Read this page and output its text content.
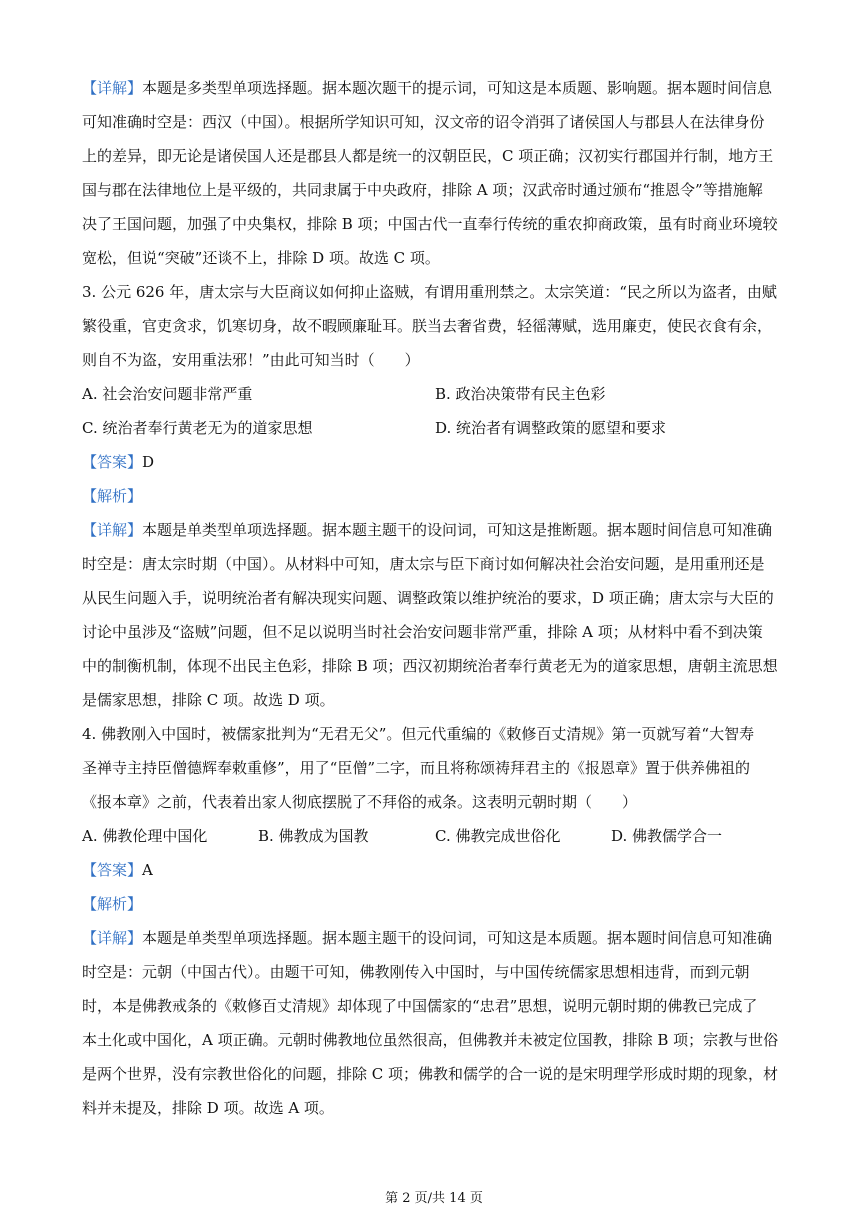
【详解】本题是多类型单项选择题。据本题次题干的提示词，可知这是本质题、影响题。据本题时间信息
可知准确时空是：西汉（中国）。根据所学知识可知，汉文帝的诏令消弭了诸侯国人与郡县人在法律身份
上的差异，即无论是诸侯国人还是郡县人都是统一的汉朝臣民，C 项正确；汉初实行郡国并行制，地方王
国与郡在法律地位上是平级的，共同隶属于中央政府，排除 A 项；汉武帝时通过颁布“推恩令”等措施解
决了王国问题，加强了中央集权，排除 B 项；中国古代一直奉行传统的重农抑商政策，虽有时商业环境较
宽松，但说“突破”还谈不上，排除 D 项。故选 C 项。
3. 公元 626 年，唐太宗与大臣商议如何抑止盗贼，有谓用重刑禁之。太宗笑道：“民之所以为盗者，由赋
繁役重，官吏贪求，饥寒切身，故不暇顾廉耻耳。朕当去奢省费，轻徭薄赋，选用廉吏，使民衣食有余，
则自不为盗，安用重法邪！”由此可知当时（　　）
A. 社会治安问题非常严重	B. 政治决策带有民主色彩
C. 统治者奉行黄老无为的道家思想	D. 统治者有调整政策的愿望和要求
【答案】D
【解析】
【详解】本题是单类型单项选择题。据本题主题干的设问词，可知这是推断题。据本题时间信息可知准确
时空是：唐太宗时期（中国）。从材料中可知，唐太宗与臣下商讨如何解决社会治安问题，是用重刑还是
从民生问题入手，说明统治者有解决现实问题、调整政策以维护统治的要求，D 项正确；唐太宗与大臣的
讨论中虽涉及“盗贼”问题，但不足以说明当时社会治安问题非常严重，排除 A 项；从材料中看不到决策
中的制衡机制，体现不出民主色彩，排除 B 项；西汉初期统治者奉行黄老无为的道家思想，唐朝主流思想
是儒家思想，排除 C 项。故选 D 项。
4. 佛教刚入中国时，被儒家批判为“无君无父”。但元代重编的《敕修百丈清规》第一页就写着“大智寿
圣禅寺主持臣僧德辉奉敕重修”，用了“臣僧”二字，而且将称颂祷拜君主的《报恩章》置于供养佛祖的
《报本章》之前，代表着出家人彻底摆脱了不拜俗的戒条。这表明元朝时期（　　）
A. 佛教伦理中国化	B. 佛教成为国教	C. 佛教完成世俗化	D. 佛教儒学合一
【答案】A
【解析】
【详解】本题是单类型单项选择题。据本题主题干的设问词，可知这是本质题。据本题时间信息可知准确
时空是：元朝（中国古代）。由题干可知，佛教刚传入中国时，与中国传统儒家思想相违背，而到元朝
时，本是佛教戒条的《敕修百丈清规》却体现了中国儒家的“忠君”思想，说明元朝时期的佛教已完成了
本土化或中国化，A 项正确。元朝时佛教地位虽然很高，但佛教并未被定位国教，排除 B 项；宗教与世俗
是两个世界，没有宗教世俗化的问题，排除 C 项；佛教和儒学的合一说的是宋明理学形成时期的现象，材
料并未提及，排除 D 项。故选 A 项。
第 2 页/共 14 页
